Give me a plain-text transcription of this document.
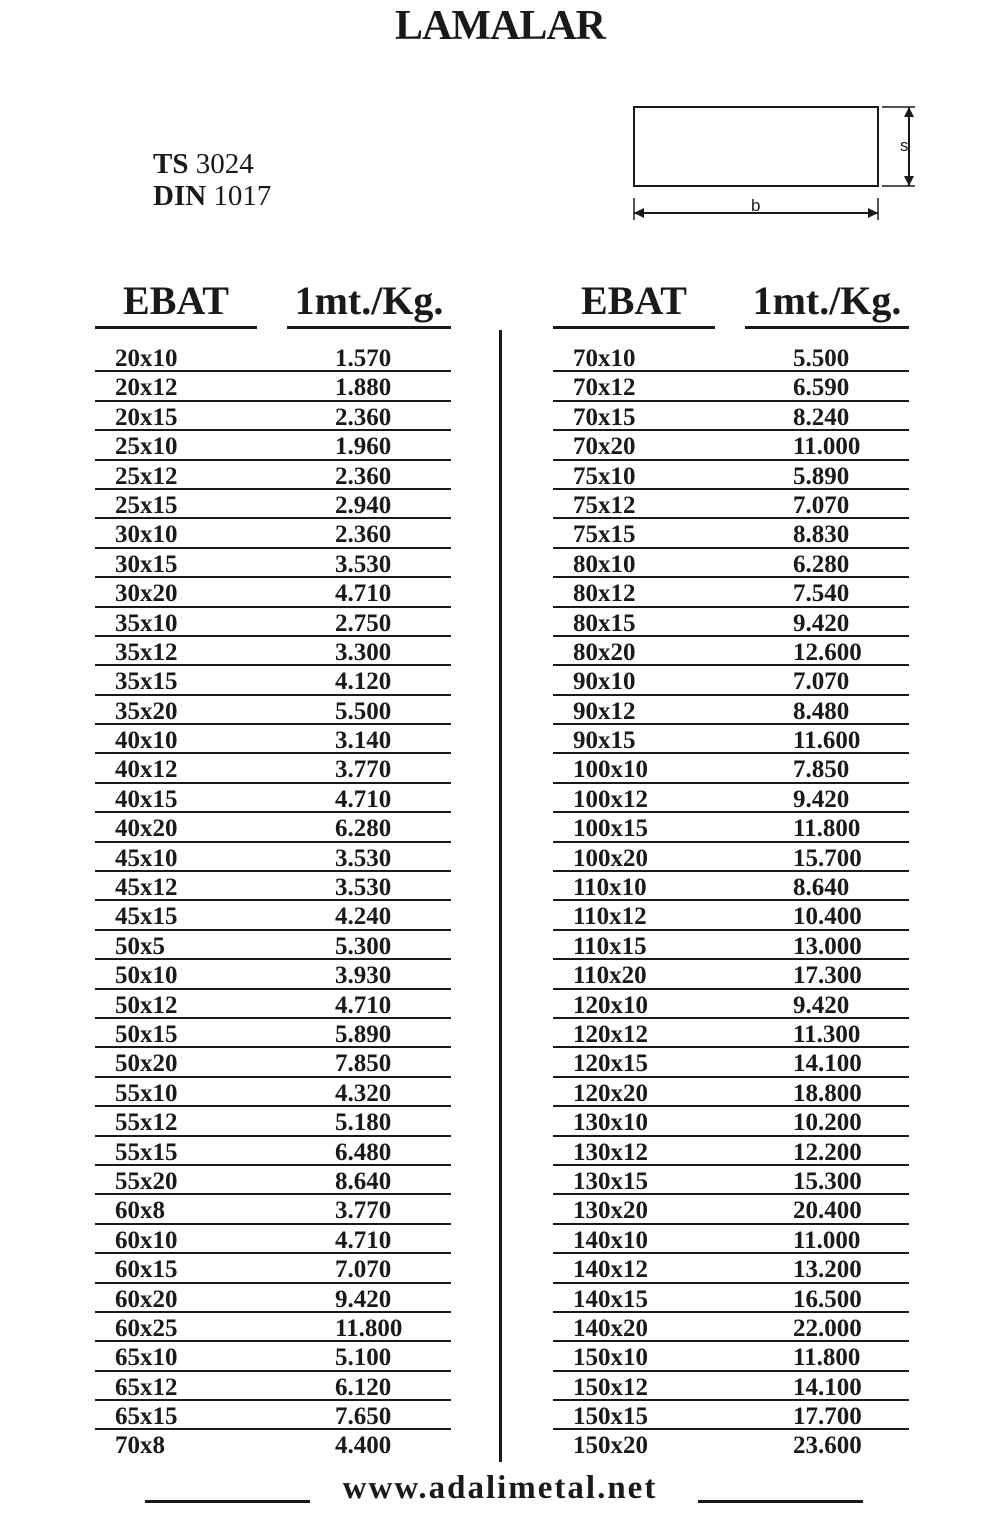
LAMALAR
TS 3024
DIN 1017
s
b
EBAT	1mt./Kg.
20x10	1.570
20x12	1.880
20x15	2.360
25x10	1.960
25x12	2.360
25x15	2.940
30x10	2.360
30x15	3.530
30x20	4.710
35x10	2.750
35x12	3.300
35x15	4.120
35x20	5.500
40x10	3.140
40x12	3.770
40x15	4.710
40x20	6.280
45x10	3.530
45x12	3.530
45x15	4.240
50x5	5.300
50x10	3.930
50x12	4.710
50x15	5.890
50x20	7.850
55x10	4.320
55x12	5.180
55x15	6.480
55x20	8.640
60x8	3.770
60x10	4.710
60x15	7.070
60x20	9.420
60x25	11.800
65x10	5.100
65x12	6.120
65x15	7.650
70x8	4.400
EBAT	1mt./Kg.
70x10	5.500
70x12	6.590
70x15	8.240
70x20	11.000
75x10	5.890
75x12	7.070
75x15	8.830
80x10	6.280
80x12	7.540
80x15	9.420
80x20	12.600
90x10	7.070
90x12	8.480
90x15	11.600
100x10	7.850
100x12	9.420
100x15	11.800
100x20	15.700
110x10	8.640
110x12	10.400
110x15	13.000
110x20	17.300
120x10	9.420
120x12	11.300
120x15	14.100
120x20	18.800
130x10	10.200
130x12	12.200
130x15	15.300
130x20	20.400
140x10	11.000
140x12	13.200
140x15	16.500
140x20	22.000
150x10	11.800
150x12	14.100
150x15	17.700
150x20	23.600
www.adalimetal.net
